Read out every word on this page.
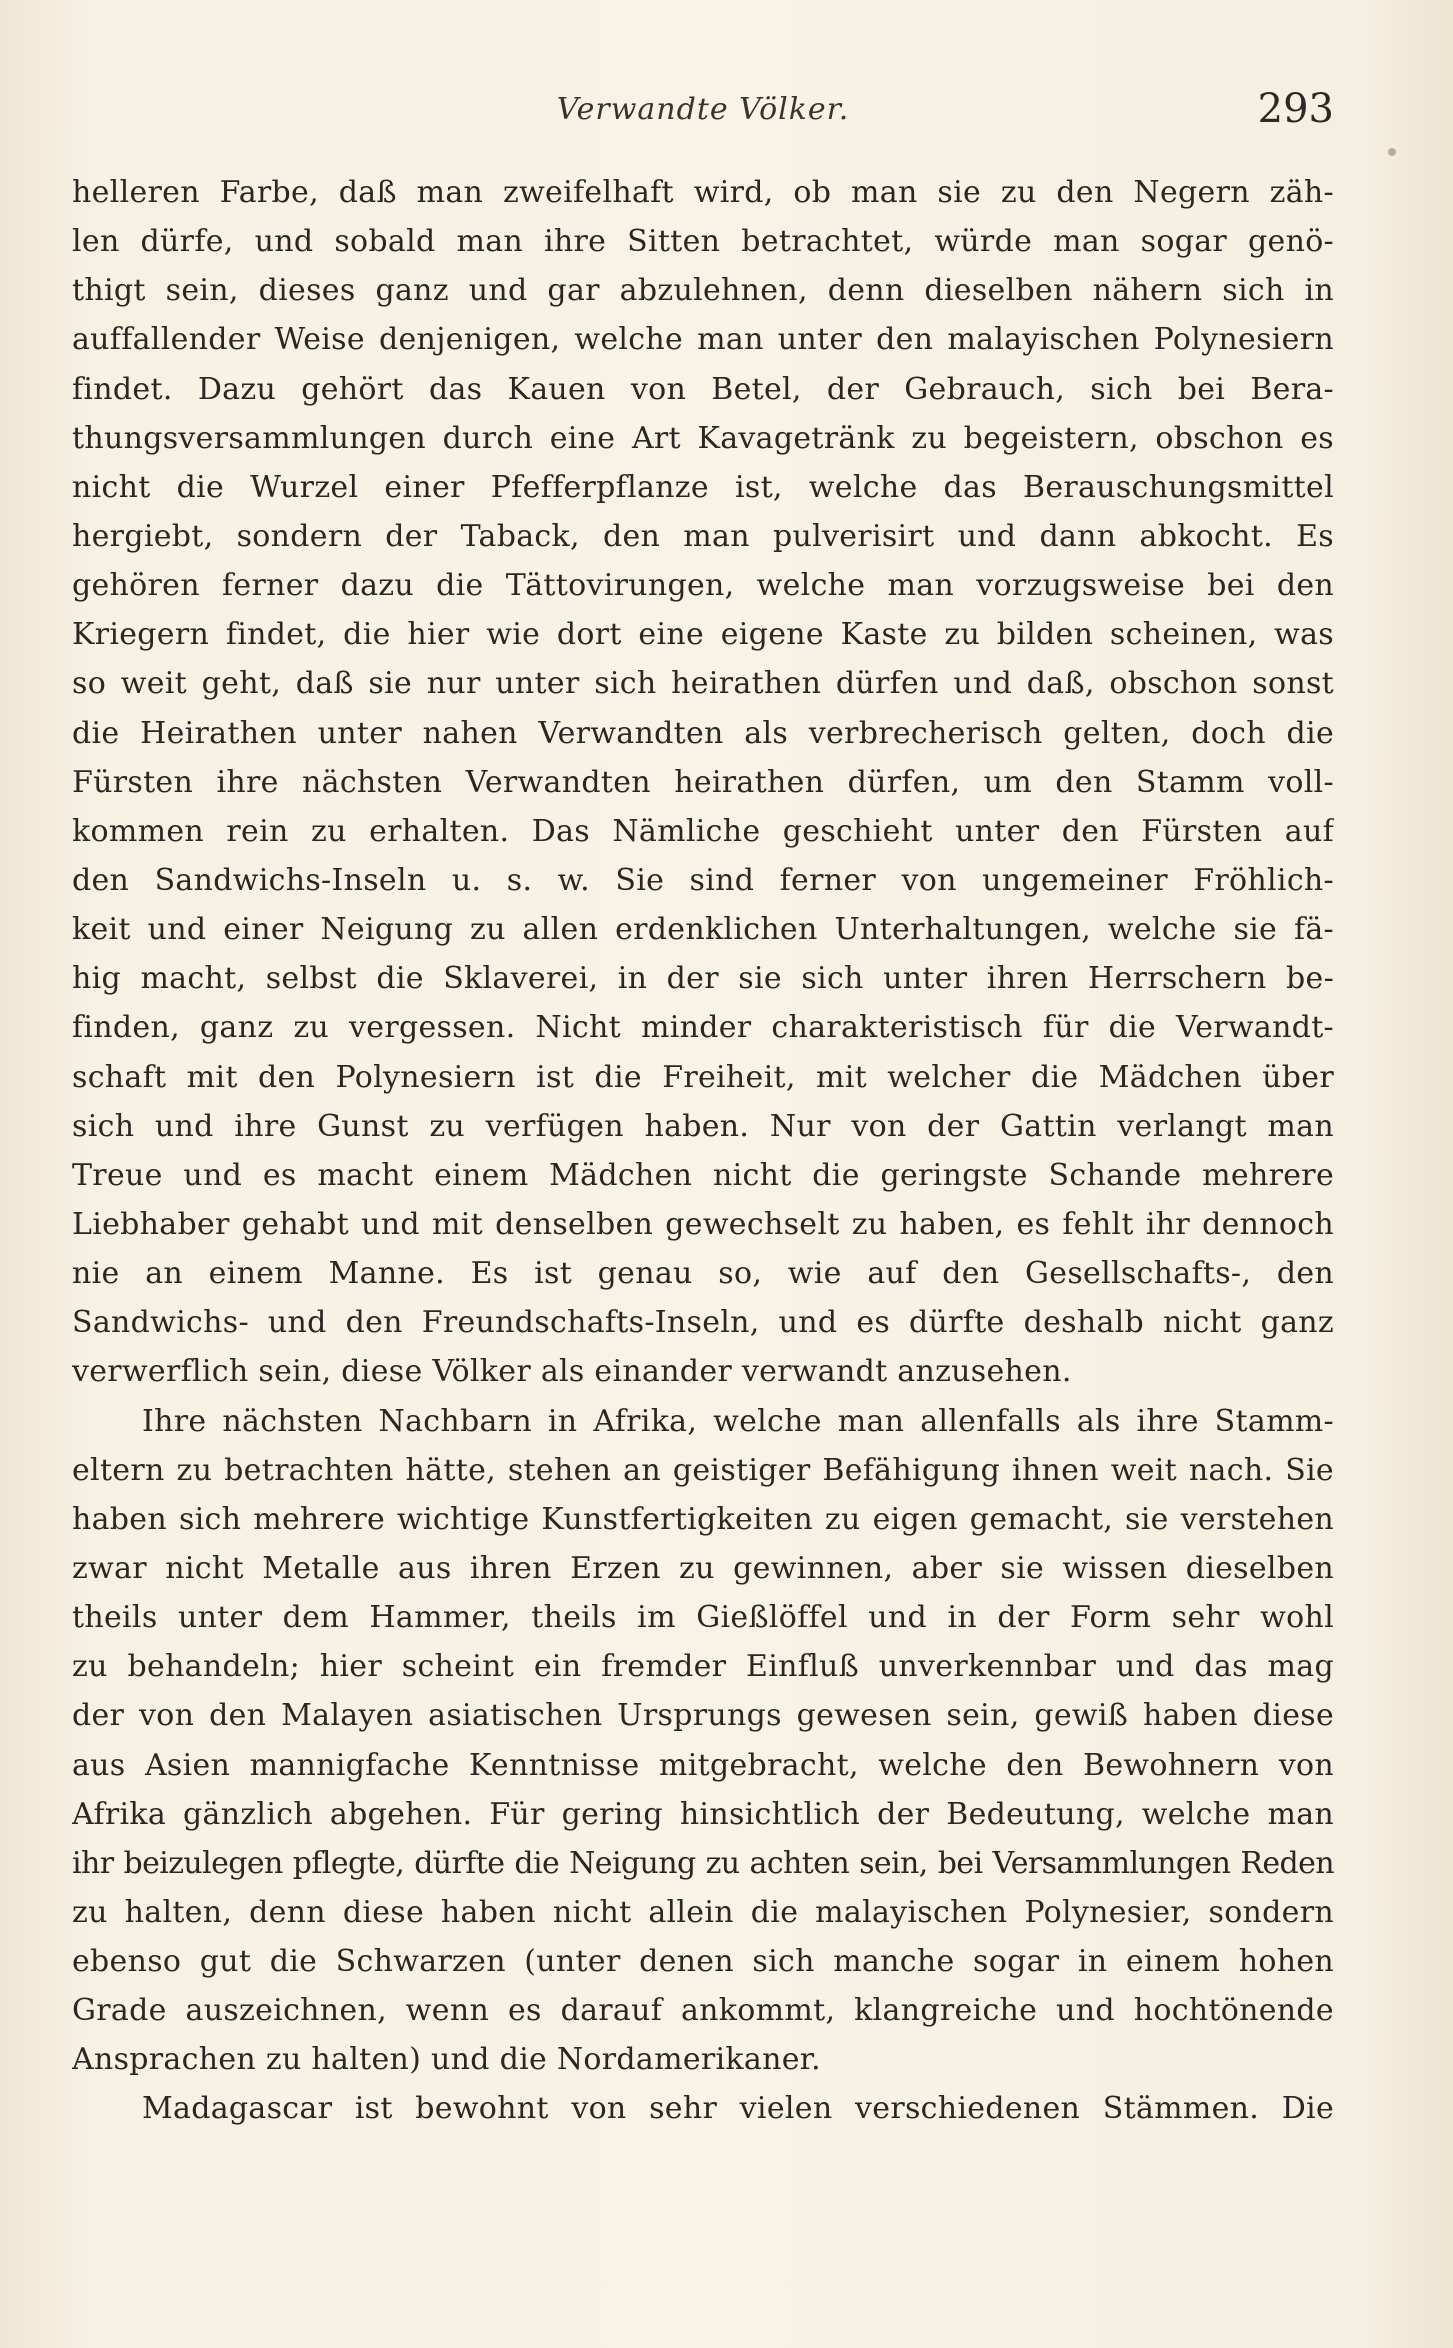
Verwandte Völker.	293
helleren Farbe, daß man zweifelhaft wird, ob man sie zu den Negern zäh-
len dürfe, und sobald man ihre Sitten betrachtet, würde man sogar genö-
thigt sein, dieses ganz und gar abzulehnen, denn dieselben nähern sich in
auffallender Weise denjenigen, welche man unter den malayischen Polynesiern
findet. Dazu gehört das Kauen von Betel, der Gebrauch, sich bei Bera-
thungsversammlungen durch eine Art Kavagetränk zu begeistern, obschon es
nicht die Wurzel einer Pfefferpflanze ist, welche das Berauschungsmittel
hergiebt, sondern der Taback, den man pulverisirt und dann abkocht. Es
gehören ferner dazu die Tättovirungen, welche man vorzugsweise bei den
Kriegern findet, die hier wie dort eine eigene Kaste zu bilden scheinen, was
so weit geht, daß sie nur unter sich heirathen dürfen und daß, obschon sonst
die Heirathen unter nahen Verwandten als verbrecherisch gelten, doch die
Fürsten ihre nächsten Verwandten heirathen dürfen, um den Stamm voll-
kommen rein zu erhalten. Das Nämliche geschieht unter den Fürsten auf
den Sandwichs-Inseln u. s. w. Sie sind ferner von ungemeiner Fröhlich-
keit und einer Neigung zu allen erdenklichen Unterhaltungen, welche sie fä-
hig macht, selbst die Sklaverei, in der sie sich unter ihren Herrschern be-
finden, ganz zu vergessen. Nicht minder charakteristisch für die Verwandt-
schaft mit den Polynesiern ist die Freiheit, mit welcher die Mädchen über
sich und ihre Gunst zu verfügen haben. Nur von der Gattin verlangt man
Treue und es macht einem Mädchen nicht die geringste Schande mehrere
Liebhaber gehabt und mit denselben gewechselt zu haben, es fehlt ihr dennoch
nie an einem Manne. Es ist genau so, wie auf den Gesellschafts-, den
Sandwichs- und den Freundschafts-Inseln, und es dürfte deshalb nicht ganz
verwerflich sein, diese Völker als einander verwandt anzusehen.
Ihre nächsten Nachbarn in Afrika, welche man allenfalls als ihre Stamm-
eltern zu betrachten hätte, stehen an geistiger Befähigung ihnen weit nach. Sie
haben sich mehrere wichtige Kunstfertigkeiten zu eigen gemacht, sie verstehen
zwar nicht Metalle aus ihren Erzen zu gewinnen, aber sie wissen dieselben
theils unter dem Hammer, theils im Gießlöffel und in der Form sehr wohl
zu behandeln; hier scheint ein fremder Einfluß unverkennbar und das mag
der von den Malayen asiatischen Ursprungs gewesen sein, gewiß haben diese
aus Asien mannigfache Kenntnisse mitgebracht, welche den Bewohnern von
Afrika gänzlich abgehen. Für gering hinsichtlich der Bedeutung, welche man
ihr beizulegen pflegte, dürfte die Neigung zu achten sein, bei Versammlungen Reden
zu halten, denn diese haben nicht allein die malayischen Polynesier, sondern
ebenso gut die Schwarzen (unter denen sich manche sogar in einem hohen
Grade auszeichnen, wenn es darauf ankommt, klangreiche und hochtönende
Ansprachen zu halten) und die Nordamerikaner.
Madagascar ist bewohnt von sehr vielen verschiedenen Stämmen. Die
